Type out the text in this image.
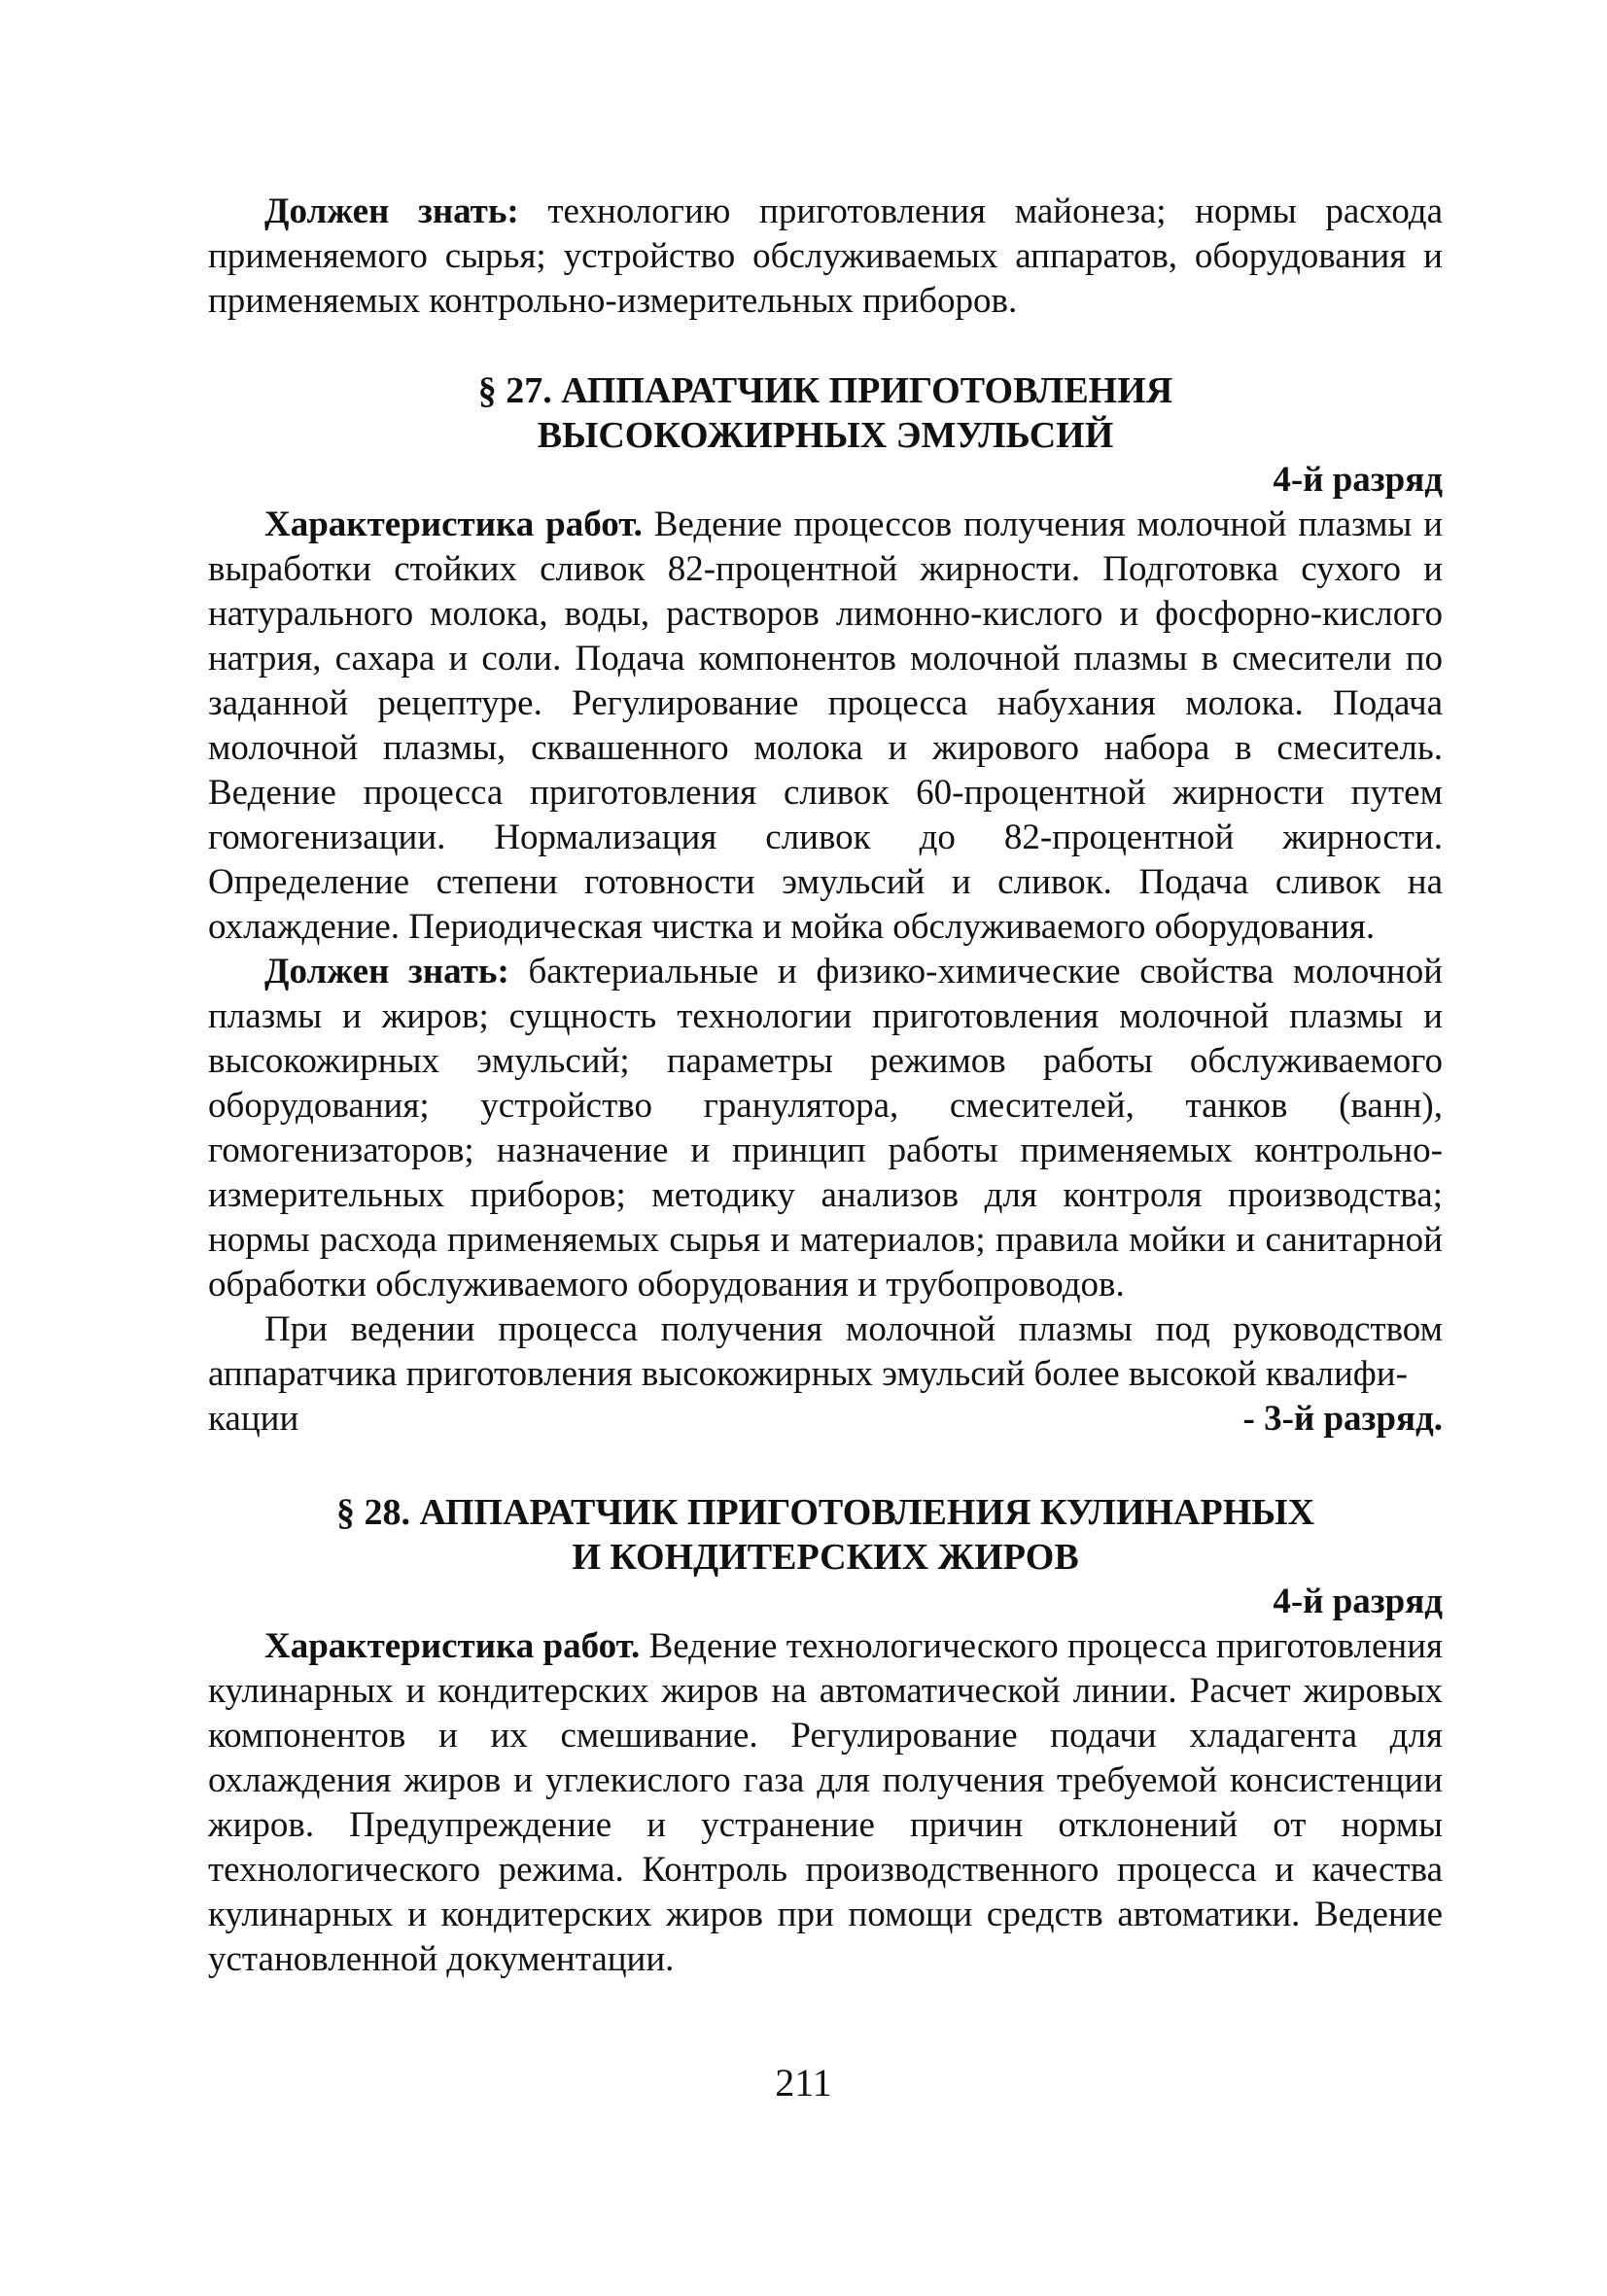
Должен знать: технологию приготовления майонеза; нормы расхода применяемого сырья; устройство обслуживаемых аппаратов, оборудования и применяемых контрольно-измерительных приборов.

§ 27. АППАРАТЧИК ПРИГОТОВЛЕНИЯ
ВЫСОКОЖИРНЫХ ЭМУЛЬСИЙ
4-й разряд

Характеристика работ. Ведение процессов получения молочной плазмы и выработки стойких сливок 82-процентной жирности. Подготовка сухого и натурального молока, воды, растворов лимонно-кислого и фосфорно-кислого натрия, сахара и соли. Подача компонентов молочной плазмы в смесители по заданной рецептуре. Регулирование процесса набухания молока. Подача молочной плазмы, сквашенного молока и жирового набора в смеситель. Ведение процесса приготовления сливок 60-процентной жирности путем гомогенизации. Нормализация сливок до 82-процентной жирности. Определение степени готовности эмульсий и сливок. Подача сливок на охлаждение. Периодическая чистка и мойка обслуживаемого оборудования.

Должен знать: бактериальные и физико-химические свойства молочной плазмы и жиров; сущность технологии приготовления молочной плазмы и высокожирных эмульсий; параметры режимов работы обслуживаемого оборудования; устройство гранулятора, смесителей, танков (ванн), гомогенизаторов; назначение и принцип работы применяемых контрольно-измерительных приборов; методику анализов для контроля производства; нормы расхода применяемых сырья и материалов; правила мойки и санитарной обработки обслуживаемого оборудования и трубопроводов.

При ведении процесса получения молочной плазмы под руководством аппаратчика приготовления высокожирных эмульсий более высокой квалифи-

кации	- 3-й разряд.
§ 28. АППАРАТЧИК ПРИГОТОВЛЕНИЯ КУЛИНАРНЫХ
И КОНДИТЕРСКИХ ЖИРОВ
4-й разряд

Характеристика работ. Ведение технологического процесса приготовления кулинарных и кондитерских жиров на автоматической линии. Расчет жировых компонентов и их смешивание. Регулирование подачи хладагента для охлаждения жиров и углекислого газа для получения требуемой консистенции жиров. Предупреждение и устранение причин отклонений от нормы технологического режима. Контроль производственного процесса и качества кулинарных и кондитерских жиров при помощи средств автоматики. Ведение установленной документации.

211
